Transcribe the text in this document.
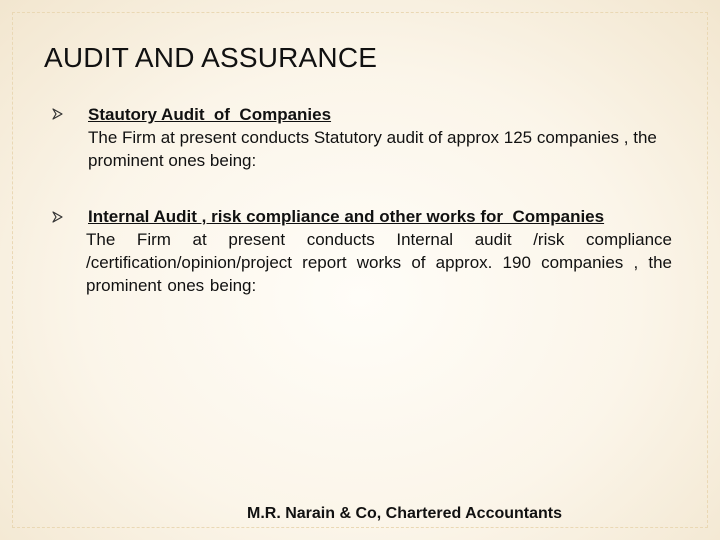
AUDIT AND ASSURANCE
Stautory Audit  of  Companies
The Firm at present conducts Statutory audit of approx 125 companies , the prominent ones being:
Internal Audit , risk compliance and other works for  Companies
The Firm at present conducts Internal audit /risk compliance /certification/opinion/project report works of approx. 190 companies , the prominent ones being:
M.R. Narain & Co, Chartered Accountants
